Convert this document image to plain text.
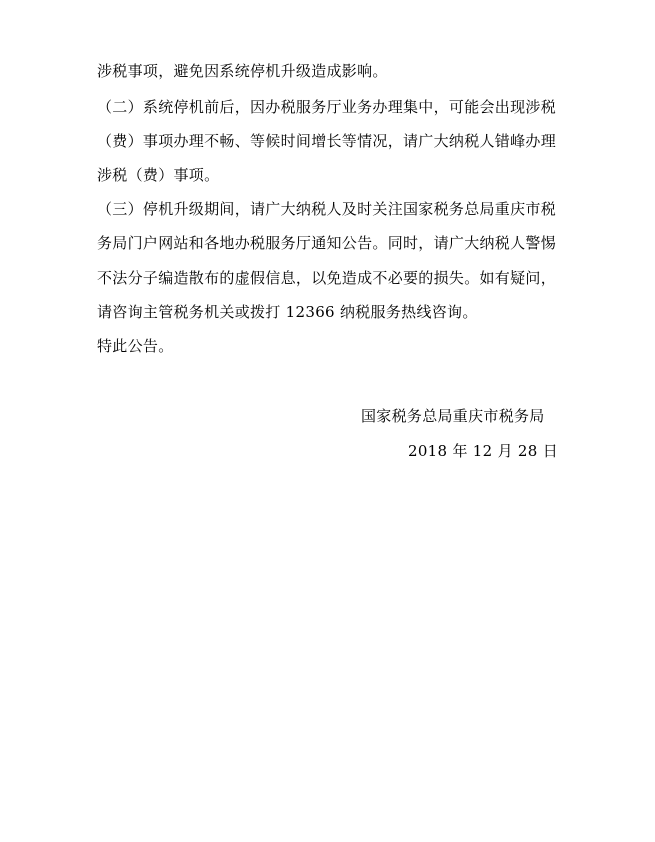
涉税事项，避免因系统停机升级造成影响。
（二）系统停机前后，因办税服务厅业务办理集中，可能会出现涉税
（费）事项办理不畅、等候时间增长等情况，请广大纳税人错峰办理
涉税（费）事项。
（三）停机升级期间，请广大纳税人及时关注国家税务总局重庆市税
务局门户网站和各地办税服务厅通知公告。同时，请广大纳税人警惕
不法分子编造散布的虚假信息，以免造成不必要的损失。如有疑问，
请咨询主管税务机关或拨打 12366 纳税服务热线咨询。
特此公告。
国家税务总局重庆市税务局
2018 年 12 月 28 日
